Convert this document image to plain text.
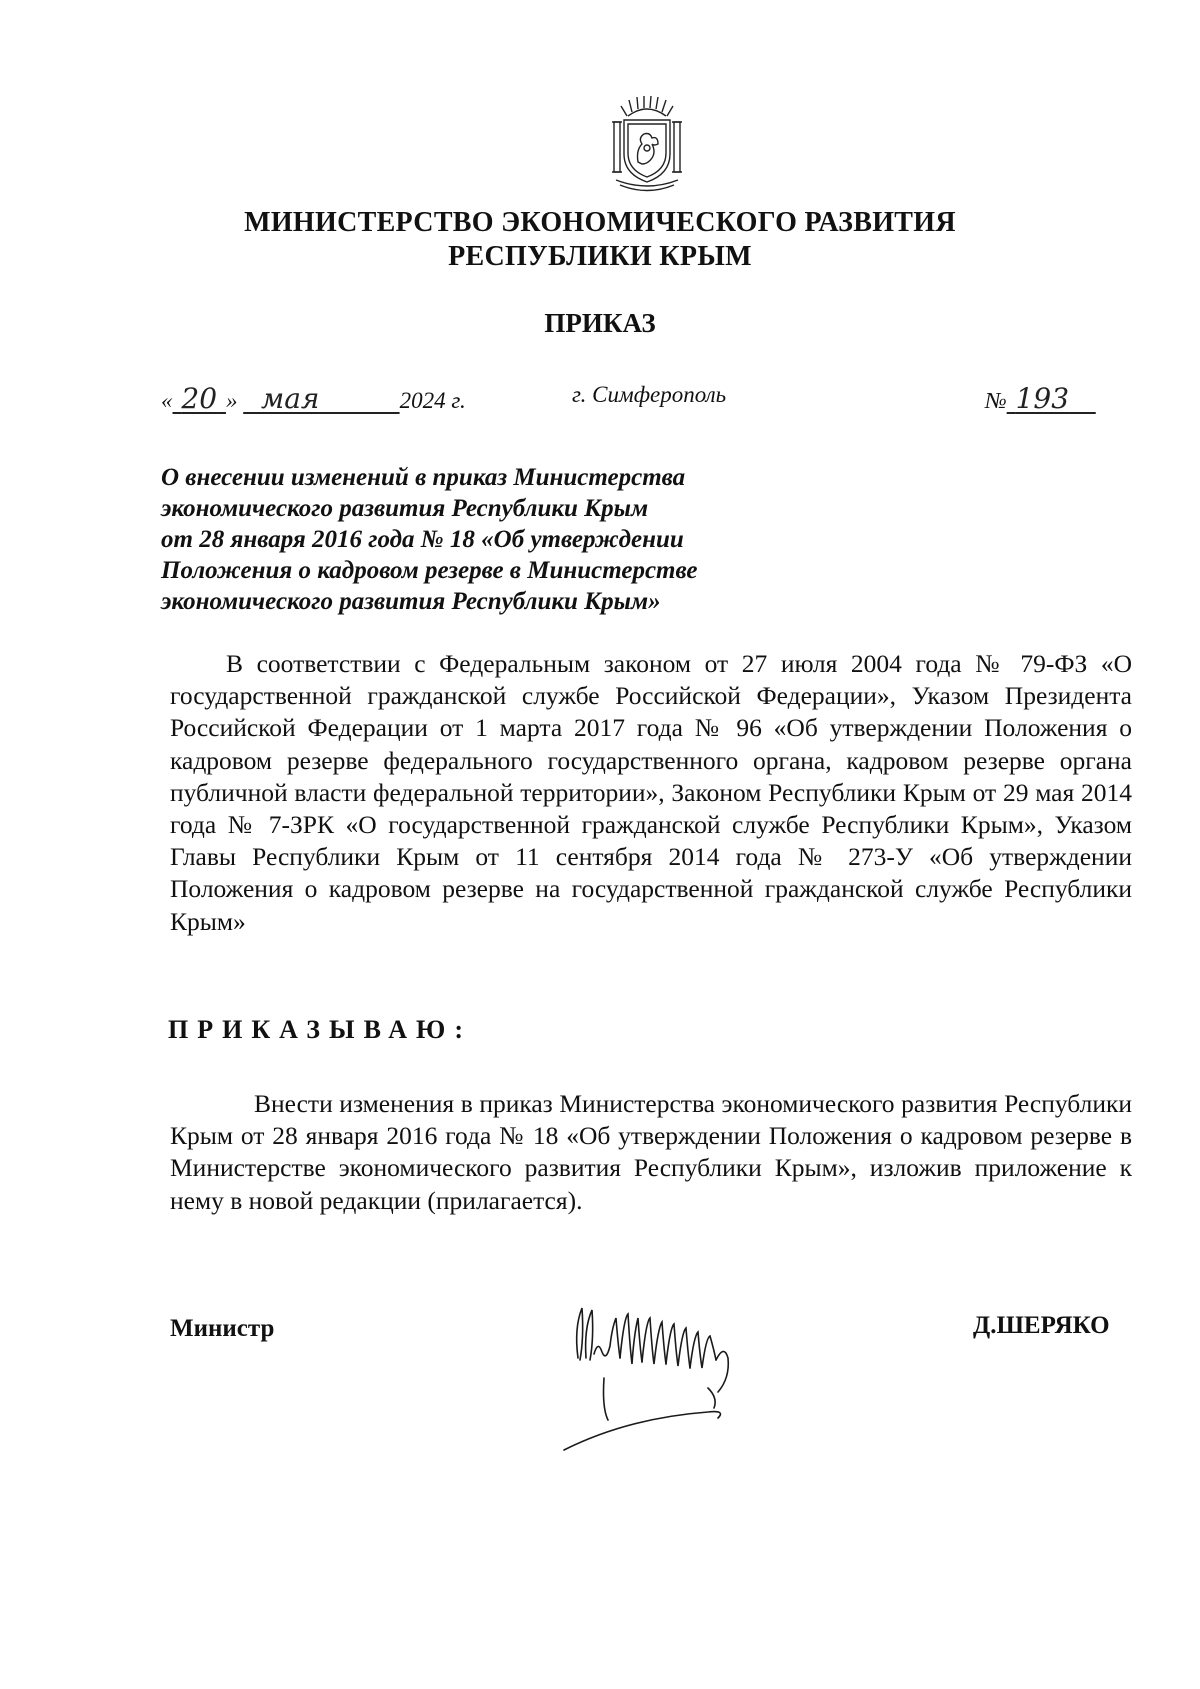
МИНИСТЕРСТВО ЭКОНОМИЧЕСКОГО РАЗВИТИЯ
РЕСПУБЛИКИ КРЫМ
ПРИКАЗ
« 20 » мая	2024 г.	г. Симферополь	№ 193
О внесении изменений в приказ Министерства
экономического развития Республики Крым
от 28 января 2016 года № 18 «Об утверждении
Положения о кадровом резерве в Министерстве
экономического развития Республики Крым»
В соответствии с Федеральным законом от 27 июля 2004 года № 79-ФЗ «О государственной гражданской службе Российской Федерации», Указом Президента Российской Федерации от 1 марта 2017 года № 96 «Об утверждении Положения о кадровом резерве федерального государственного органа, кадровом резерве органа публичной власти федеральной территории», Законом Республики Крым от 29 мая 2014 года № 7-ЗРК «О государственной гражданской службе Республики Крым», Указом Главы Республики Крым от 11 сентября 2014 года № 273-У «Об утверждении Положения о кадровом резерве на государственной гражданской службе Республики Крым»
ПРИКАЗЫВАЮ:
Внести изменения в приказ Министерства экономического развития Республики Крым от 28 января 2016 года № 18 «Об утверждении Положения о кадровом резерве в Министерстве экономического развития Республики Крым», изложив приложение к нему в новой редакции (прилагается).
Министр	Д.ШЕРЯКО
